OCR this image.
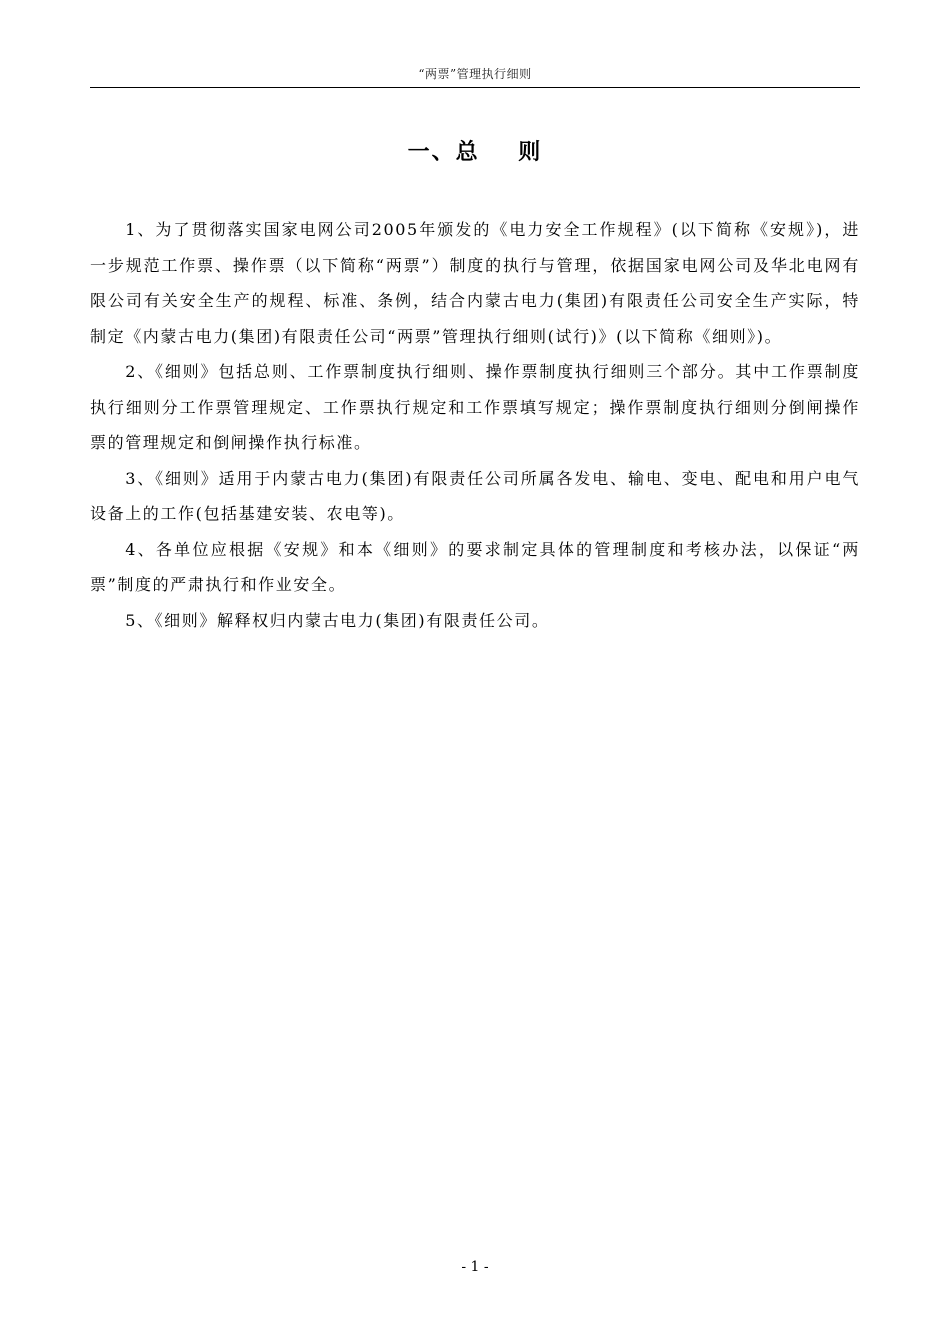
“两票”管理执行细则
一、总    则

1、为了贯彻落实国家电网公司2005年颁发的《电力安全工作规程》(以下简称《安规》)，进一步规范工作票、操作票（以下简称“两票”）制度的执行与管理，依据国家电网公司及华北电网有限公司有关安全生产的规程、标准、条例，结合内蒙古电力(集团)有限责任公司安全生产实际，特制定《内蒙古电力(集团)有限责任公司“两票”管理执行细则(试行)》(以下简称《细则》)。

2、《细则》包括总则、工作票制度执行细则、操作票制度执行细则三个部分。其中工作票制度执行细则分工作票管理规定、工作票执行规定和工作票填写规定；操作票制度执行细则分倒闸操作票的管理规定和倒闸操作执行标准。

3、《细则》适用于内蒙古电力(集团)有限责任公司所属各发电、输电、变电、配电和用户电气设备上的工作(包括基建安装、农电等)。

4、各单位应根据《安规》和本《细则》的要求制定具体的管理制度和考核办法，以保证“两票”制度的严肃执行和作业安全。

5、《细则》解释权归内蒙古电力(集团)有限责任公司。

- 1 -
